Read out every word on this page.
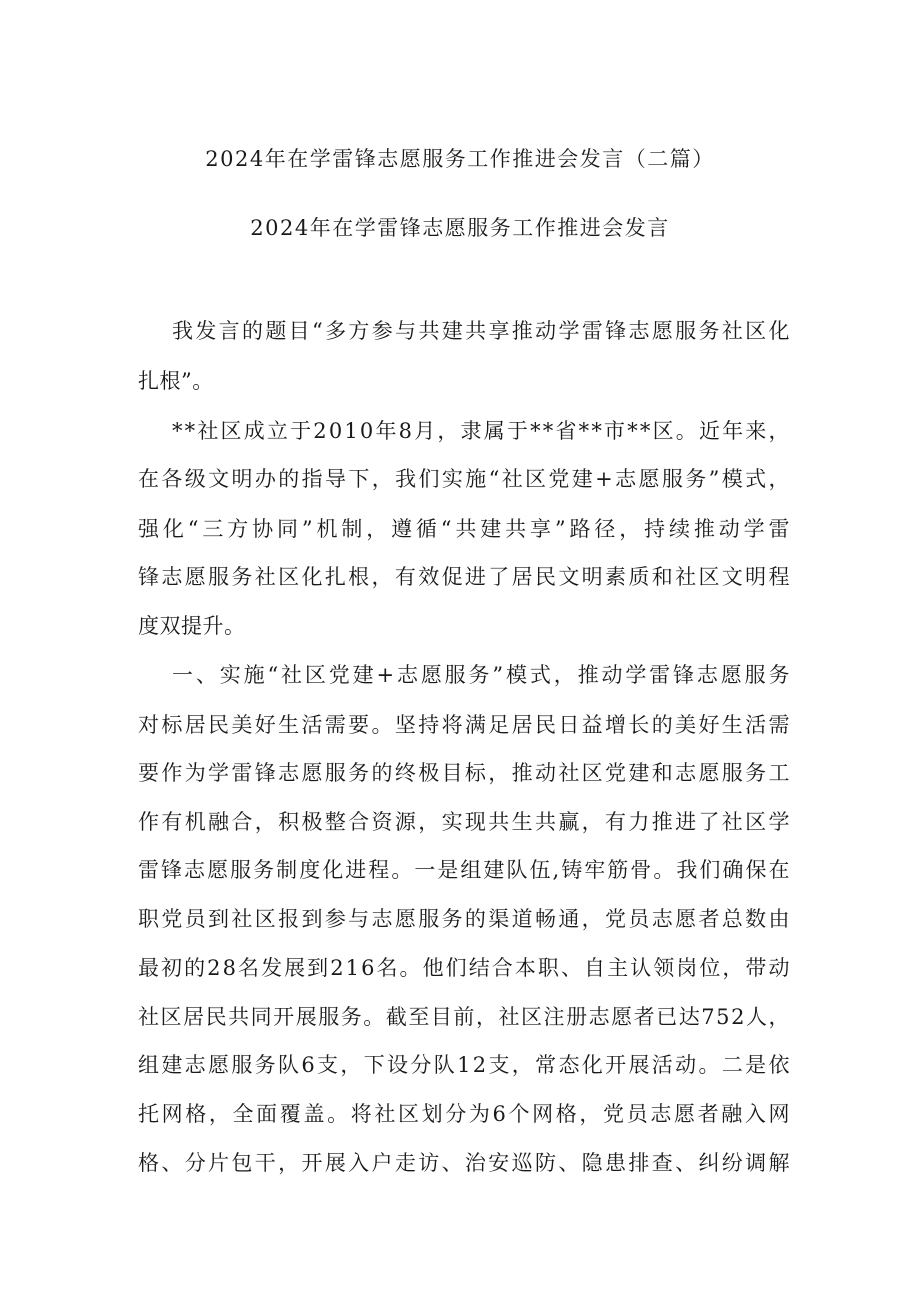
2024年在学雷锋志愿服务工作推进会发言（二篇）
2024年在学雷锋志愿服务工作推进会发言
我发言的题目“多方参与共建共享推动学雷锋志愿服务社区化
扎根”。
**社区成立于2010年8月，隶属于**省**市**区。近年来，
在各级文明办的指导下，我们实施“社区党建+志愿服务”模式，
强化“三方协同”机制，遵循“共建共享”路径，持续推动学雷
锋志愿服务社区化扎根，有效促进了居民文明素质和社区文明程
度双提升。
一、实施“社区党建+志愿服务”模式，推动学雷锋志愿服务
对标居民美好生活需要。坚持将满足居民日益增长的美好生活需
要作为学雷锋志愿服务的终极目标，推动社区党建和志愿服务工
作有机融合，积极整合资源，实现共生共赢，有力推进了社区学
雷锋志愿服务制度化进程。一是组建队伍,铸牢筋骨。我们确保在
职党员到社区报到参与志愿服务的渠道畅通，党员志愿者总数由
最初的28名发展到216名。他们结合本职、自主认领岗位，带动
社区居民共同开展服务。截至目前，社区注册志愿者已达752人，
组建志愿服务队6支，下设分队12支，常态化开展活动。二是依
托网格，全面覆盖。将社区划分为6个网格，党员志愿者融入网
格、分片包干，开展入户走访、治安巡防、隐患排查、纠纷调解
